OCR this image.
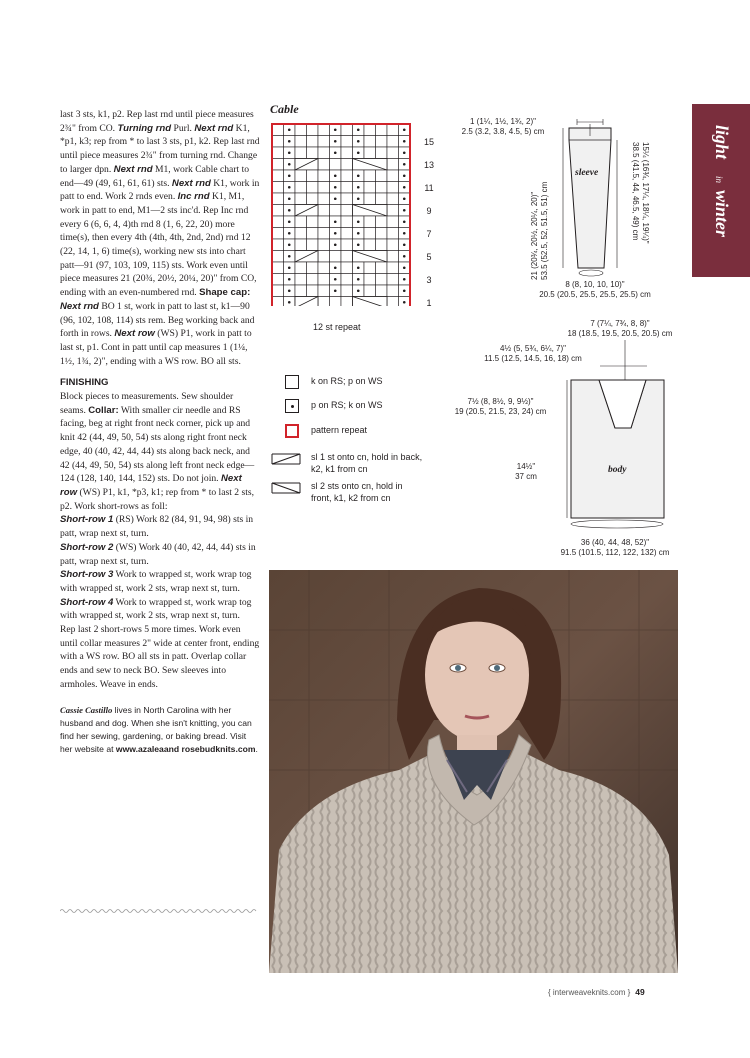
last 3 sts, k1, p2. Rep last rnd until piece measures 2¾" from CO. Turning rnd Purl. Next rnd K1, *p1, k3; rep from * to last 3 sts, p1, k2. Rep last rnd until piece measures 2¾" from turning rnd. Change to larger dpn. Next rnd M1, work Cable chart to end—49 (49, 61, 61, 61) sts. Next rnd K1, work in patt to end. Work 2 rnds even. Inc rnd K1, M1, work in patt to end, M1—2 sts inc'd. Rep Inc rnd every 6 (6, 6, 4, 4)th rnd 8 (1, 6, 22, 20) more time(s), then every 4th (4th, 4th, 2nd, 2nd) rnd 12 (22, 14, 1, 6) time(s), working new sts into chart patt—91 (97, 103, 109, 115) sts. Work even until piece measures 21 (20¾, 20½, 20¼, 20)" from CO, ending with an even-numbered rnd. Shape cap: Next rnd BO 1 st, work in patt to last st, k1—90 (96, 102, 108, 114) sts rem. Beg working back and forth in rows. Next row (WS) P1, work in patt to last st, p1. Cont in patt until cap measures 1 (1¼, 1½, 1¾, 2)", ending with a WS row. BO all sts.

FINISHING

Block pieces to measurements. Sew shoulder seams. Collar: With smaller cir needle and RS facing, beg at right front neck corner, pick up and knit 42 (44, 49, 50, 54) sts along right front neck edge, 40 (40, 42, 44, 44) sts along back neck, and 42 (44, 49, 50, 54) sts along left front neck edge—124 (128, 140, 144, 152) sts. Do not join. Next row (WS) P1, k1, *p3, k1; rep from * to last 2 sts, p2. Work short-rows as foll:

Short-row 1 (RS) Work 82 (84, 91, 94, 98) sts in patt, wrap next st, turn.

Short-row 2 (WS) Work 40 (40, 42, 44, 44) sts in patt, wrap next st, turn.

Short-row 3 Work to wrapped st, work wrap tog with wrapped st, work 2 sts, wrap next st, turn.

Short-row 4 Work to wrapped st, work wrap tog with wrapped st, work 2 sts, wrap next st, turn.

Rep last 2 short-rows 5 more times. Work even until collar measures 2" wide at center front, ending with a WS row. BO all sts in patt. Overlap collar ends and sew to neck BO. Sew sleeves into armholes. Weave in ends.

Cassie Castillo lives in North Carolina with her husband and dog. When she isn't knitting, you can find her sewing, gardening, or baking bread. Visit her website at www.azaleaand rosebudknits.com.

Cable
15
13
11
9
7
5
3
1
12 st repeat
k on RS; p on WS
p on RS; k on WS
pattern repeat
sl 1 st onto cn, hold in back, k2, k1 from cn
sl 2 sts onto cn, hold in front, k1, k2 from cn
1 (1¼, 1½, 1¾, 2)"
2.5 (3.2, 3.8, 4.5, 5) cm
sleeve
21 (20¾, 20½, 20¼, 20)" 53.5 (52.5, 52, 51.5, 51) cm	15¼ (16¾, 17¼, 18¼, 19¼)"
38.5 (41.5, 44, 46.5, 49) cm
8 (8, 10, 10, 10)"
20.5 (20.5, 25.5, 25.5, 25.5) cm
7 (7¼, 7¾, 8, 8)"
18 (18.5, 19.5, 20.5, 20.5) cm
4½ (5, 5¾, 6¼, 7)"
11.5 (12.5, 14.5, 16, 18) cm
7½ (8, 8½, 9, 9½)"
19 (20.5, 21.5, 23, 24) cm
body
14½"
37 cm
36 (40, 44, 48, 52)"
91.5 (101.5, 112, 122, 132) cm
light
in
winter
{ interweaveknits.com } 49
